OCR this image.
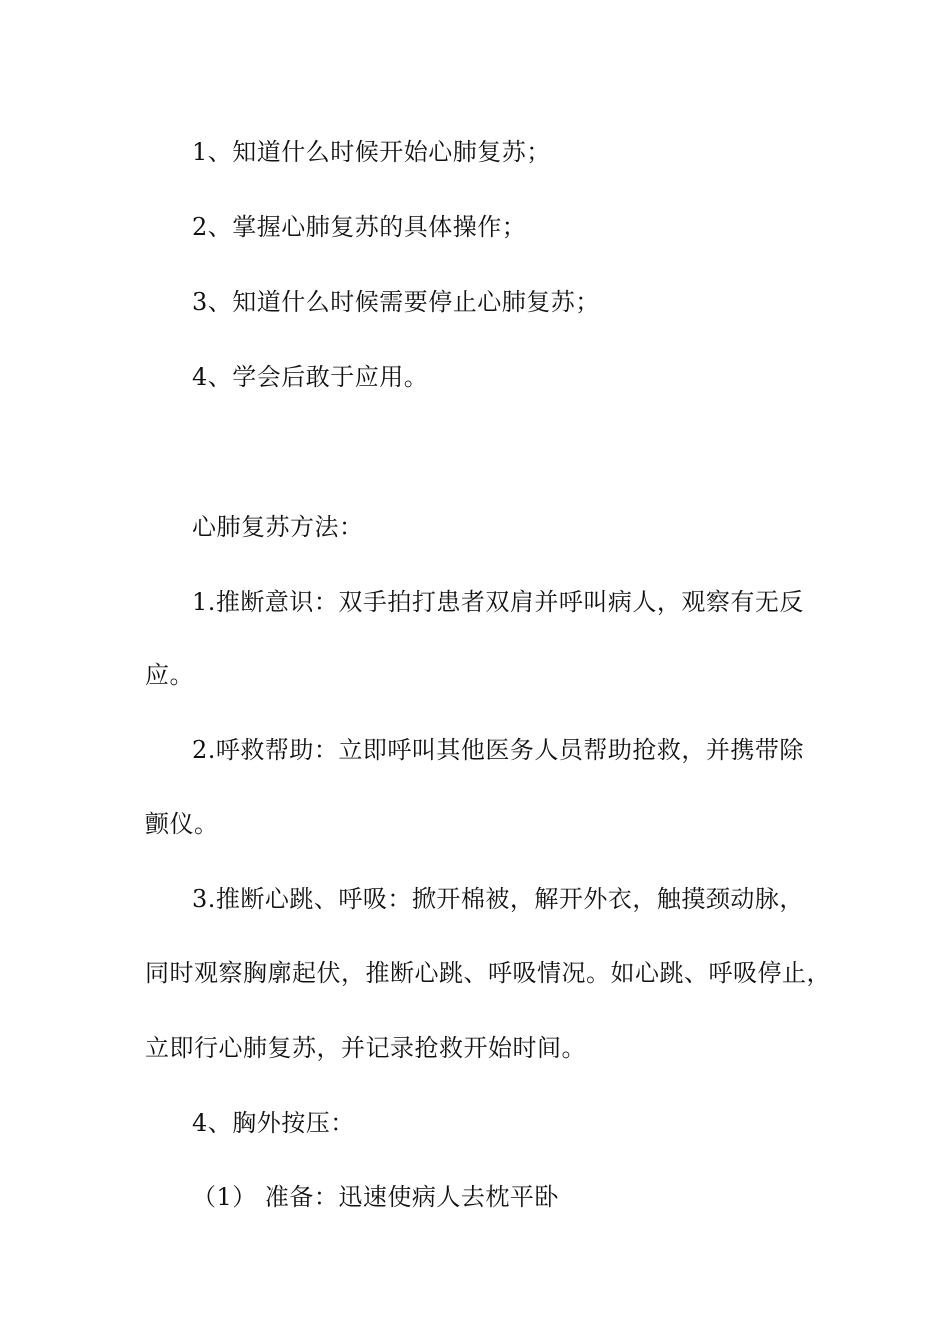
1、知道什么时候开始心肺复苏；
2、掌握心肺复苏的具体操作；
3、知道什么时候需要停止心肺复苏；
4、学会后敢于应用。
心肺复苏方法：
1.推断意识：双手拍打患者双肩并呼叫病人，观察有无反
应。
2.呼救帮助：立即呼叫其他医务人员帮助抢救，并携带除
颤仪。
3.推断心跳、呼吸：掀开棉被，解开外衣，触摸颈动脉，
同时观察胸廓起伏，推断心跳、呼吸情况。如心跳、呼吸停止，
立即行心肺复苏，并记录抢救开始时间。
4、胸外按压：
（1） 准备：迅速使病人去枕平卧
